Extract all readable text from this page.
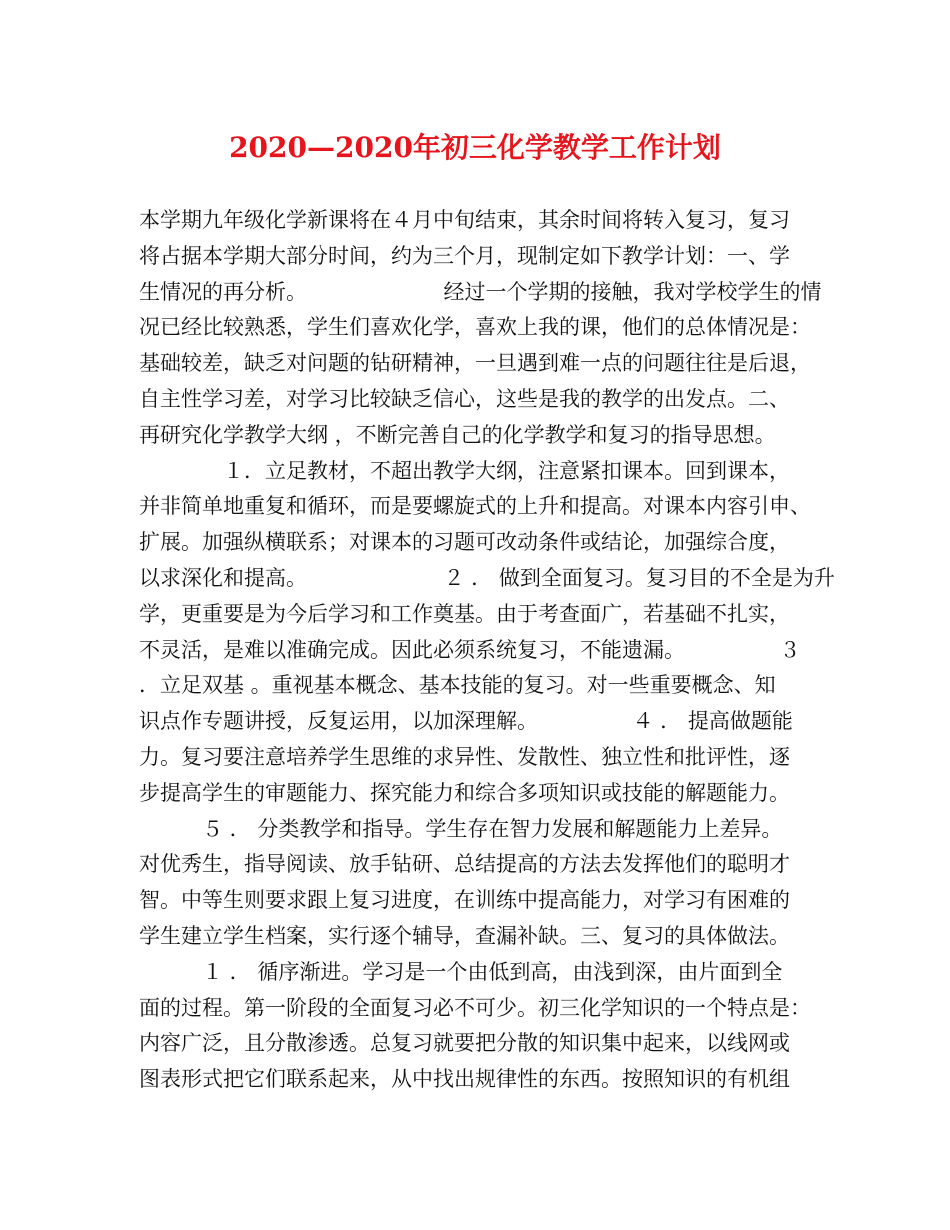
2020—2020年初三化学教学工作计划
本学期九年级化学新课将在４月中旬结束，其余时间将转入复习，复习
将占据本学期大部分时间，约为三个月，现制定如下教学计划：一、学
生情况的再分析。　　　　　　　经过一个学期的接触，我对学校学生的情
况已经比较熟悉，学生们喜欢化学，喜欢上我的课，他们的总体情况是：
基础较差，缺乏对问题的钻研精神，一旦遇到难一点的问题往往是后退，
自主性学习差，对学习比较缺乏信心，这些是我的教学的出发点。二、
再研究化学教学大纲 ，不断完善自己的化学教学和复习的指导思想。
　　　　１．立足教材，不超出教学大纲，注意紧扣课本。回到课本，
并非简单地重复和循环，而是要螺旋式的上升和提高。对课本内容引申、
扩展。加强纵横联系；对课本的习题可改动条件或结论，加强综合度，
以求深化和提高。　　　　　　　２ ． 做到全面复习。复习目的不全是为升
学，更重要是为今后学习和工作奠基。由于考查面广，若基础不扎实，
不灵活，是难以准确完成。因此必须系统复习，不能遗漏。　　　　　３
．立足双基 。重视基本概念、基本技能的复习。对一些重要概念、知
识点作专题讲授，反复运用，以加深理解。　　　　　４ ． 提高做题能
力。复习要注意培养学生思维的求异性、发散性、独立性和批评性，逐
步提高学生的审题能力、探究能力和综合多项知识或技能的解题能力。
　　　５ ． 分类教学和指导。学生存在智力发展和解题能力上差异。
对优秀生，指导阅读、放手钻研、总结提高的方法去发挥他们的聪明才
智。中等生则要求跟上复习进度，在训练中提高能力，对学习有困难的
学生建立学生档案，实行逐个辅导，查漏补缺。三、复习的具体做法。
　　　１ ． 循序渐进。学习是一个由低到高，由浅到深，由片面到全
面的过程。第一阶段的全面复习必不可少。初三化学知识的一个特点是：
内容广泛，且分散渗透。总复习就要把分散的知识集中起来，以线网或
图表形式把它们联系起来，从中找出规律性的东西。按照知识的有机组
